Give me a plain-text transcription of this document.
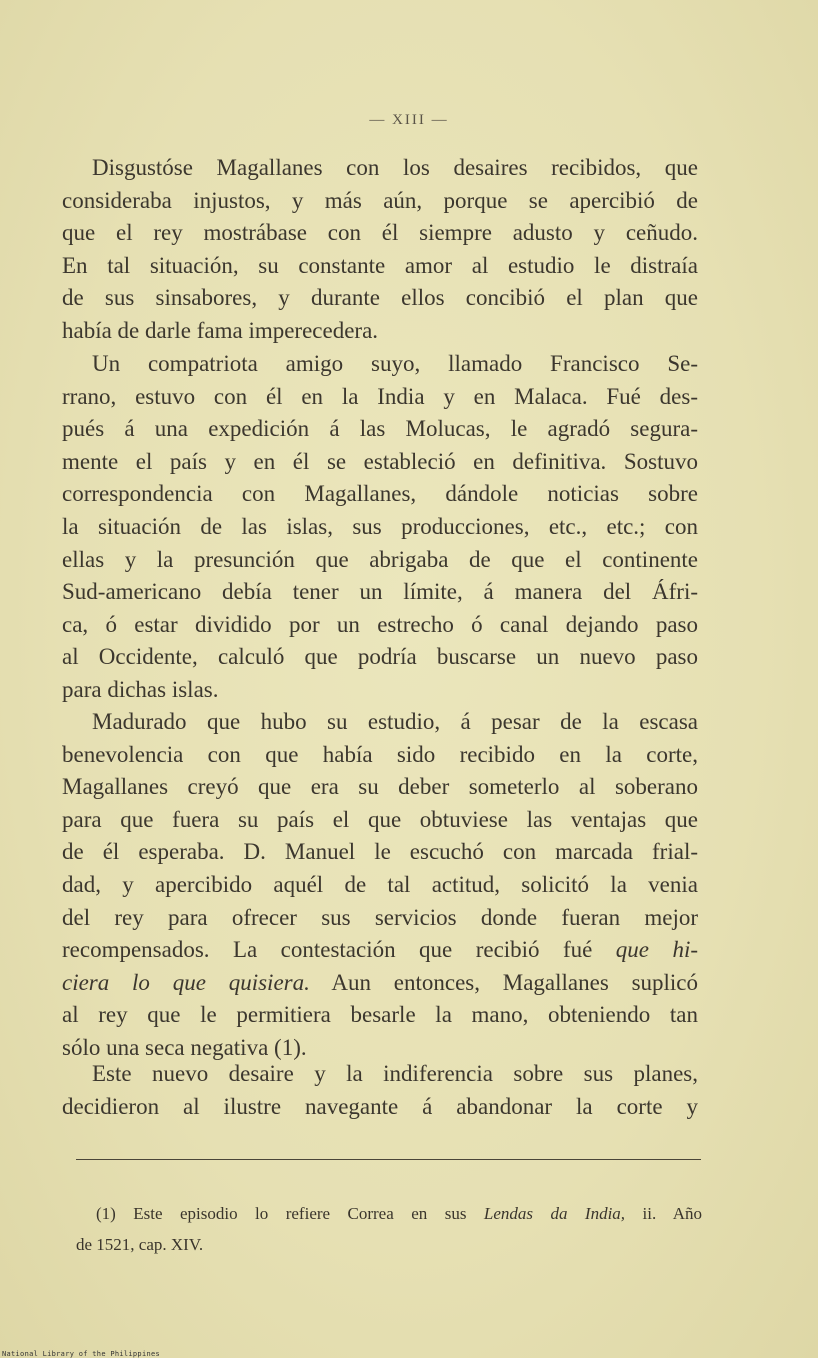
— XIII —
Disgustóse Magallanes con los desaires recibidos, que
consideraba injustos, y más aún, porque se apercibió de
que el rey mostrábase con él siempre adusto y ceñudo.
En tal situación, su constante amor al estudio le distraía
de sus sinsabores, y durante ellos concibió el plan que
había de darle fama imperecedera.
Un compatriota amigo suyo, llamado Francisco Se-
rrano, estuvo con él en la India y en Malaca. Fué des-
pués á una expedición á las Molucas, le agradó segura-
mente el país y en él se estableció en definitiva. Sostuvo
correspondencia con Magallanes, dándole noticias sobre
la situación de las islas, sus producciones, etc., etc.; con
ellas y la presunción que abrigaba de que el continente
Sud-americano debía tener un límite, á manera del Áfri-
ca, ó estar dividido por un estrecho ó canal dejando paso
al Occidente, calculó que podría buscarse un nuevo paso
para dichas islas.
Madurado que hubo su estudio, á pesar de la escasa
benevolencia con que había sido recibido en la corte,
Magallanes creyó que era su deber someterlo al soberano
para que fuera su país el que obtuviese las ventajas que
de él esperaba. D. Manuel le escuchó con marcada frial-
dad, y apercibido aquél de tal actitud, solicitó la venia
del rey para ofrecer sus servicios donde fueran mejor
recompensados. La contestación que recibió fué que hi-
ciera lo que quisiera. Aun entonces, Magallanes suplicó
al rey que le permitiera besarle la mano, obteniendo tan
sólo una seca negativa (1).
Este nuevo desaire y la indiferencia sobre sus planes,
decidieron al ilustre navegante á abandonar la corte y
(1) Este episodio lo refiere Correa en sus Lendas da India, ii. Año
de 1521, cap. XIV.
National Library of the Philippines
